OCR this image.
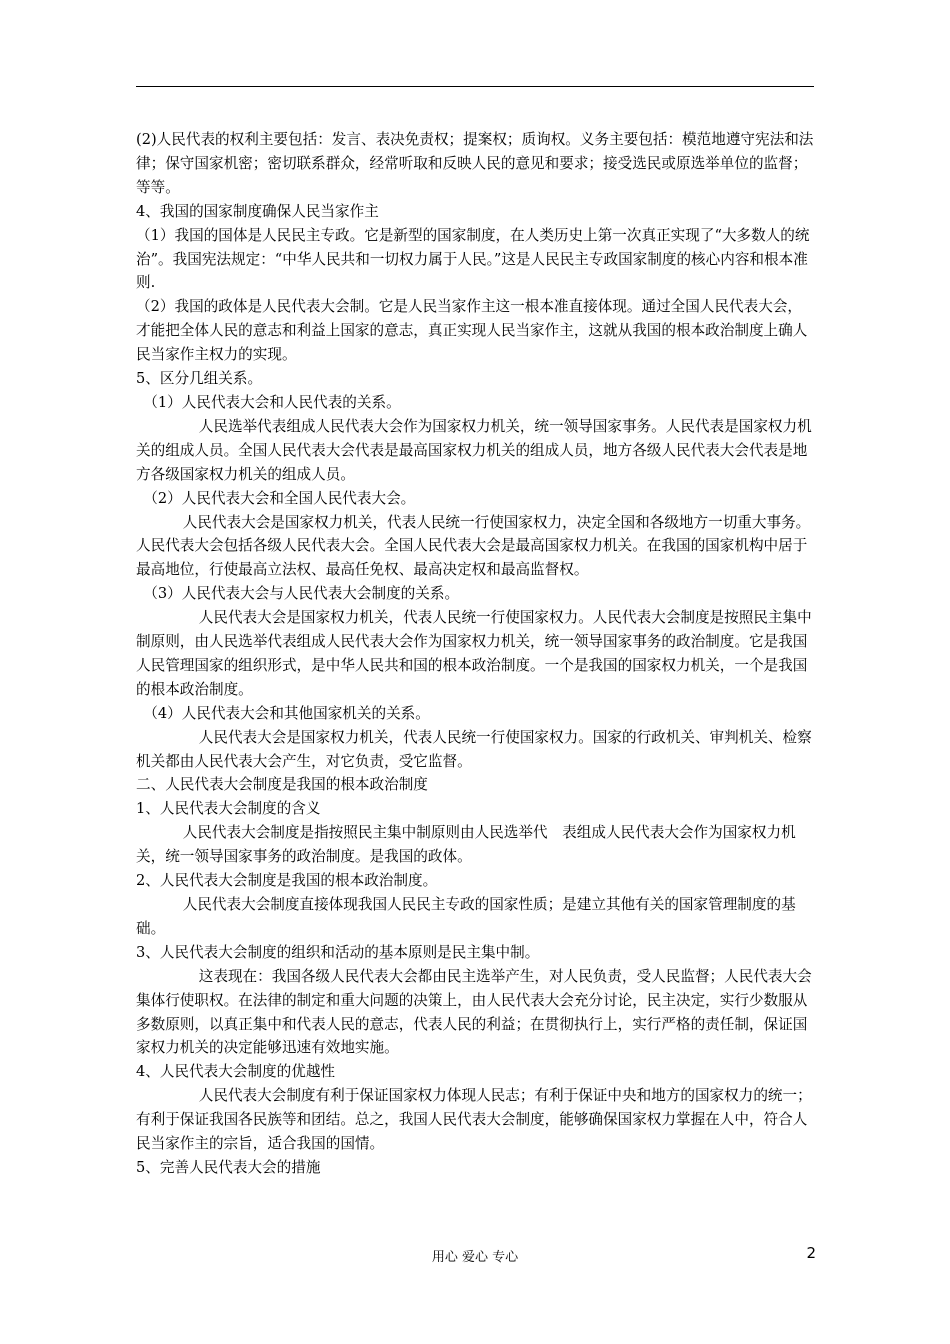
(2)人民代表的权利主要包括：发言、表决免责权；提案权；质询权。义务主要包括：模范地遵守宪法和法律；保守国家机密；密切联系群众，经常听取和反映人民的意见和要求；接受选民或原选举单位的监督；等等。

4、我国的国家制度确保人民当家作主

（1）我国的国体是人民民主专政。它是新型的国家制度，在人类历史上第一次真正实现了“大多数人的统治”。我国宪法规定：“中华人民共和一切权力属于人民。”这是人民民主专政国家制度的核心内容和根本准则.

（2）我国的政体是人民代表大会制。它是人民当家作主这一根本准直接体现。通过全国人民代表大会，才能把全体人民的意志和利益上国家的意志，真正实现人民当家作主，这就从我国的根本政治制度上确人民当家作主权力的实现。

5、区分几组关系。

（1）人民代表大会和人民代表的关系。

人民选举代表组成人民代表大会作为国家权力机关，统一领导国家事务。人民代表是国家权力机关的组成人员。全国人民代表大会代表是最高国家权力机关的组成人员，地方各级人民代表大会代表是地方各级国家权力机关的组成人员。

（2）人民代表大会和全国人民代表大会。

人民代表大会是国家权力机关，代表人民统一行使国家权力，决定全国和各级地方一切重大事务。人民代表大会包括各级人民代表大会。全国人民代表大会是最高国家权力机关。在我国的国家机构中居于最高地位，行使最高立法权、最高任免权、最高决定权和最高监督权。

（3）人民代表大会与人民代表大会制度的关系。

人民代表大会是国家权力机关，代表人民统一行使国家权力。人民代表大会制度是按照民主集中制原则，由人民选举代表组成人民代表大会作为国家权力机关，统一领导国家事务的政治制度。它是我国人民管理国家的组织形式，是中华人民共和国的根本政治制度。一个是我国的国家权力机关，一个是我国的根本政治制度。

（4）人民代表大会和其他国家机关的关系。

人民代表大会是国家权力机关，代表人民统一行使国家权力。国家的行政机关、审判机关、检察机关都由人民代表大会产生，对它负责，受它监督。

二、人民代表大会制度是我国的根本政治制度

1、人民代表大会制度的含义

人民代表大会制度是指按照民主集中制原则由人民选举代　表组成人民代表大会作为国家权力机关，统一领导国家事务的政治制度。是我国的政体。

2、人民代表大会制度是我国的根本政治制度。

人民代表大会制度直接体现我国人民民主专政的国家性质；是建立其他有关的国家管理制度的基础。

3、人民代表大会制度的组织和活动的基本原则是民主集中制。

这表现在：我国各级人民代表大会都由民主选举产生，对人民负责，受人民监督；人民代表大会集体行使职权。在法律的制定和重大问题的决策上，由人民代表大会充分讨论，民主决定，实行少数服从多数原则，以真正集中和代表人民的意志，代表人民的利益；在贯彻执行上，实行严格的责任制，保证国家权力机关的决定能够迅速有效地实施。

4、人民代表大会制度的优越性

人民代表大会制度有利于保证国家权力体现人民志；有利于保证中央和地方的国家权力的统一；有利于保证我国各民族等和团结。总之，我国人民代表大会制度，能够确保国家权力掌握在人中，符合人民当家作主的宗旨，适合我国的国情。

5、完善人民代表大会的措施

用心 爱心 专心	2
